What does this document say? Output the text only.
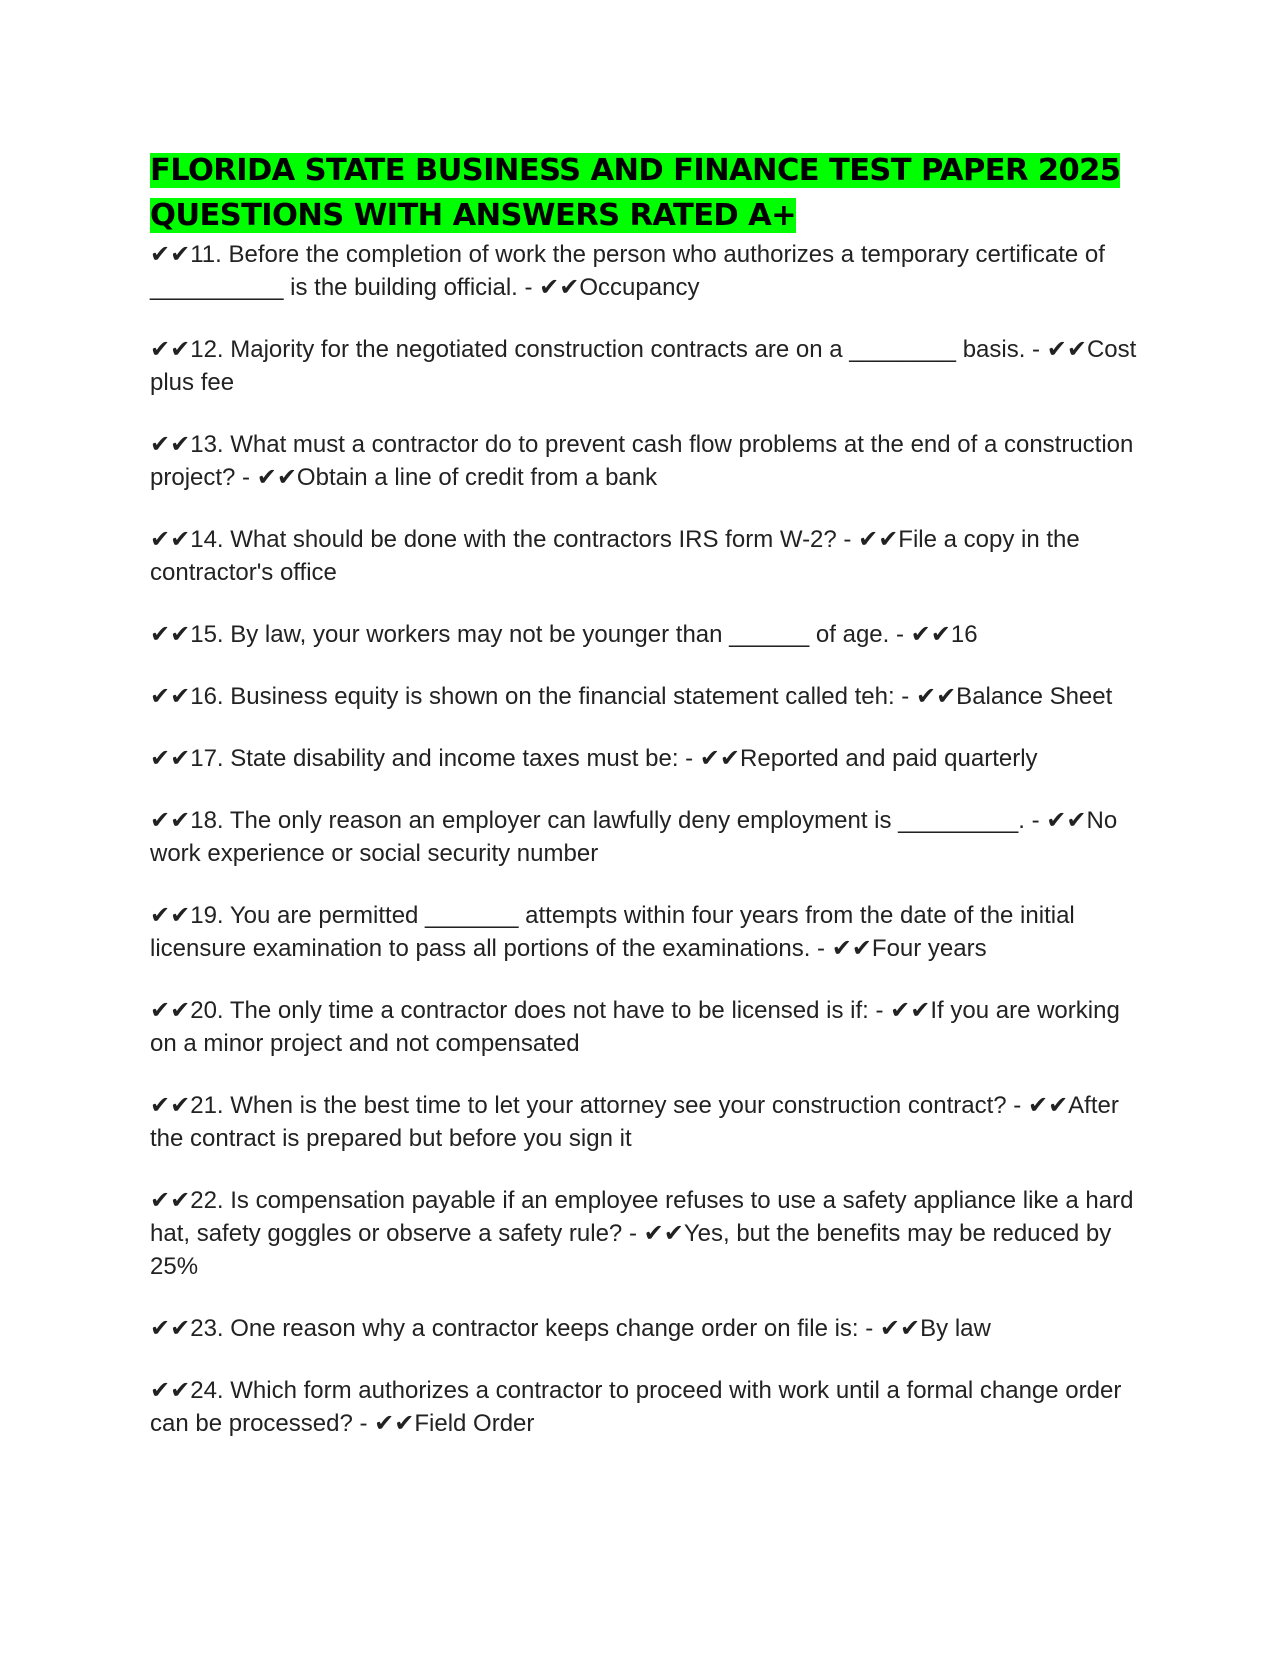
FLORIDA STATE BUSINESS AND FINANCE TEST PAPER 2025 QUESTIONS WITH ANSWERS RATED A+

✔✔11. Before the completion of work the person who authorizes a temporary certificate of __________ is the building official. - ✔✔Occupancy

✔✔12. Majority for the negotiated construction contracts are on a ________ basis. - ✔✔Cost plus fee

✔✔13. What must a contractor do to prevent cash flow problems at the end of a construction project? - ✔✔Obtain a line of credit from a bank

✔✔14. What should be done with the contractors IRS form W-2? - ✔✔File a copy in the contractor's office

✔✔15. By law, your workers may not be younger than ______ of age. - ✔✔16

✔✔16. Business equity is shown on the financial statement called teh: - ✔✔Balance Sheet

✔✔17. State disability and income taxes must be: - ✔✔Reported and paid quarterly

✔✔18. The only reason an employer can lawfully deny employment is _________. - ✔✔No work experience or social security number

✔✔19. You are permitted _______ attempts within four years from the date of the initial licensure examination to pass all portions of the examinations. - ✔✔Four years

✔✔20. The only time a contractor does not have to be licensed is if: - ✔✔If you are working on a minor project and not compensated

✔✔21. When is the best time to let your attorney see your construction contract? - ✔✔After the contract is prepared but before you sign it

✔✔22. Is compensation payable if an employee refuses to use a safety appliance like a hard hat, safety goggles or observe a safety rule? - ✔✔Yes, but the benefits may be reduced by 25%

✔✔23. One reason why a contractor keeps change order on file is: - ✔✔By law

✔✔24. Which form authorizes a contractor to proceed with work until a formal change order can be processed? - ✔✔Field Order
